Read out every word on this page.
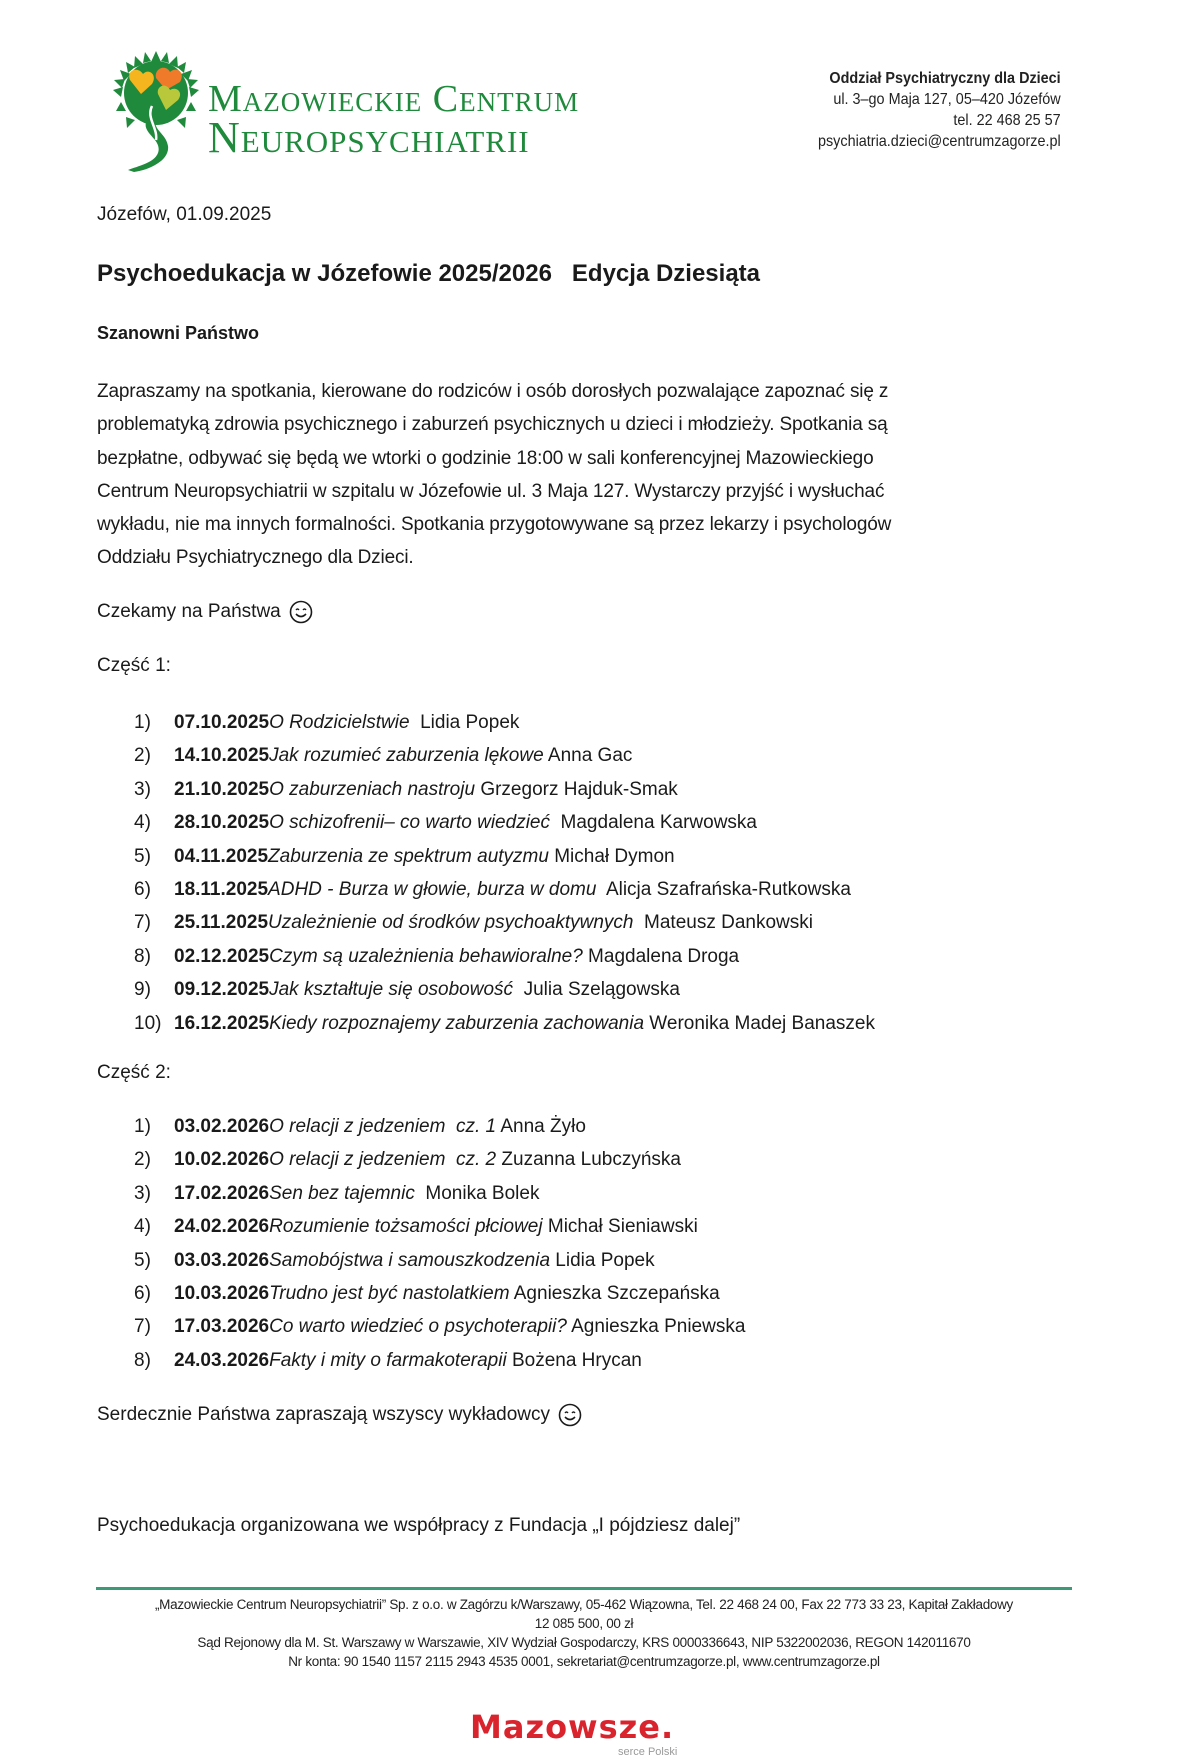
Mazowieckie Centrum
Neuropsychiatrii
Oddział Psychiatryczny dla Dzieci
ul. 3–go Maja 127, 05–420 Józefów
tel. 22 468 25 57
psychiatria.dzieci@centrumzagorze.pl
Józefów, 01.09.2025
Psychoedukacja w Józefowie 2025/2026   Edycja Dziesiąta
Szanowni Państwo
Zapraszamy na spotkania, kierowane do rodziców i osób dorosłych pozwalające zapoznać się z
problematyką zdrowia psychicznego i zaburzeń psychicznych u dzieci i młodzieży. Spotkania są
bezpłatne, odbywać się będą we wtorki o godzinie 18:00 w sali konferencyjnej Mazowieckiego
Centrum Neuropsychiatrii w szpitalu w Józefowie ul. 3 Maja 127. Wystarczy przyjść i wysłuchać
wykładu, nie ma innych formalności. Spotkania przygotowywane są przez lekarzy i psychologów
Oddziału Psychiatrycznego dla Dzieci.
Czekamy na Państwa
Część 1:
1)	07.10.2025 O Rodzicielstwie Lidia Popek
2)	14.10.2025 Jak rozumieć zaburzenia lękowe Anna Gac
3)	21.10.2025 O zaburzeniach nastroju Grzegorz Hajduk-Smak
4)	28.10.2025 O schizofrenii– co warto wiedzieć Magdalena Karwowska
5)	04.11.2025 Zaburzenia ze spektrum autyzmu Michał Dymon
6)	18.11.2025 ADHD - Burza w głowie, burza w domu Alicja Szafrańska-Rutkowska
7)	25.11.2025 Uzależnienie od środków psychoaktywnych Mateusz Dankowski
8)	02.12.2025 Czym są uzależnienia behawioralne? Magdalena Droga
9)	09.12.2025 Jak kształtuje się osobowość Julia Szelągowska
10) 16.12.2025 Kiedy rozpoznajemy zaburzenia zachowania Weronika Madej Banaszek
Część 2:
1)	03.02.2026 O relacji z jedzeniem  cz. 1 Anna Żyło
2)	10.02.2026 O relacji z jedzeniem  cz. 2 Zuzanna Lubczyńska
3)	17.02.2026 Sen bez tajemnic Monika Bolek
4)	24.02.2026 Rozumienie tożsamości płciowej Michał Sieniawski
5)	03.03.2026 Samobójstwa i samouszkodzenia Lidia Popek
6)	10.03.2026 Trudno jest być nastolatkiem Agnieszka Szczepańska
7)	17.03.2026 Co warto wiedzieć o psychoterapii? Agnieszka Pniewska
8)	24.03.2026 Fakty i mity o farmakoterapii Bożena Hrycan
Serdecznie Państwa zapraszają wszyscy wykładowcy
Psychoedukacja organizowana we współpracy z Fundacja „I pójdziesz dalej”
„Mazowieckie Centrum Neuropsychiatrii” Sp. z o.o. w Zagórzu k/Warszawy, 05-462 Wiązowna, Tel. 22 468 24 00, Fax 22 773 33 23, Kapitał Zakładowy
12 085 500, 00 zł
Sąd Rejonowy dla M. St. Warszawy w Warszawie, XIV Wydział Gospodarczy, KRS 0000336643, NIP 5322002036, REGON 142011670
Nr konta: 90 1540 1157 2115 2943 4535 0001, sekretariat@centrumzagorze.pl, www.centrumzagorze.pl
Mazowsze.
serce Polski
